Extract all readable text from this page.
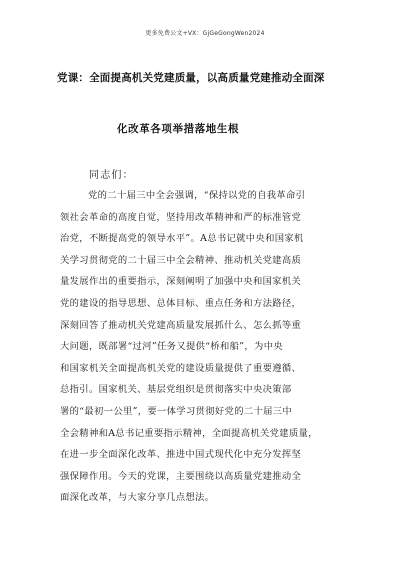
更多免费公文+VX：GjGeGongWen2024
党课：全面提高机关党建质量，以高质量党建推动全面深
化改革各项举措落地生根
同志们：
党的二十届三中全会强调，“保持以党的自我革命引
领社会革命的高度自觉，坚持用改革精神和严的标准管党
治党，不断提高党的领导水平”。A总书记就中央和国家机
关学习贯彻党的二十届三中全会精神、推动机关党建高质
量发展作出的重要指示，深刻阐明了加强中央和国家机关
党的建设的指导思想、总体目标、重点任务和方法路径，
深刻回答了推动机关党建高质量发展抓什么、怎么抓等重
大问题，既部署“过河”任务又提供“桥和船”，为中央
和国家机关全面提高机关党的建设质量提供了重要遵循、
总指引。国家机关、基层党组织是贯彻落实中央决策部
署的“最初一公里”，要一体学习贯彻好党的二十届三中
全会精神和A总书记重要指示精神，全面提高机关党建质量，
在进一步全面深化改革、推进中国式现代化中充分发挥坚
强保障作用。今天的党课，主要围绕以高质量党建推动全
面深化改革，与大家分享几点想法。
